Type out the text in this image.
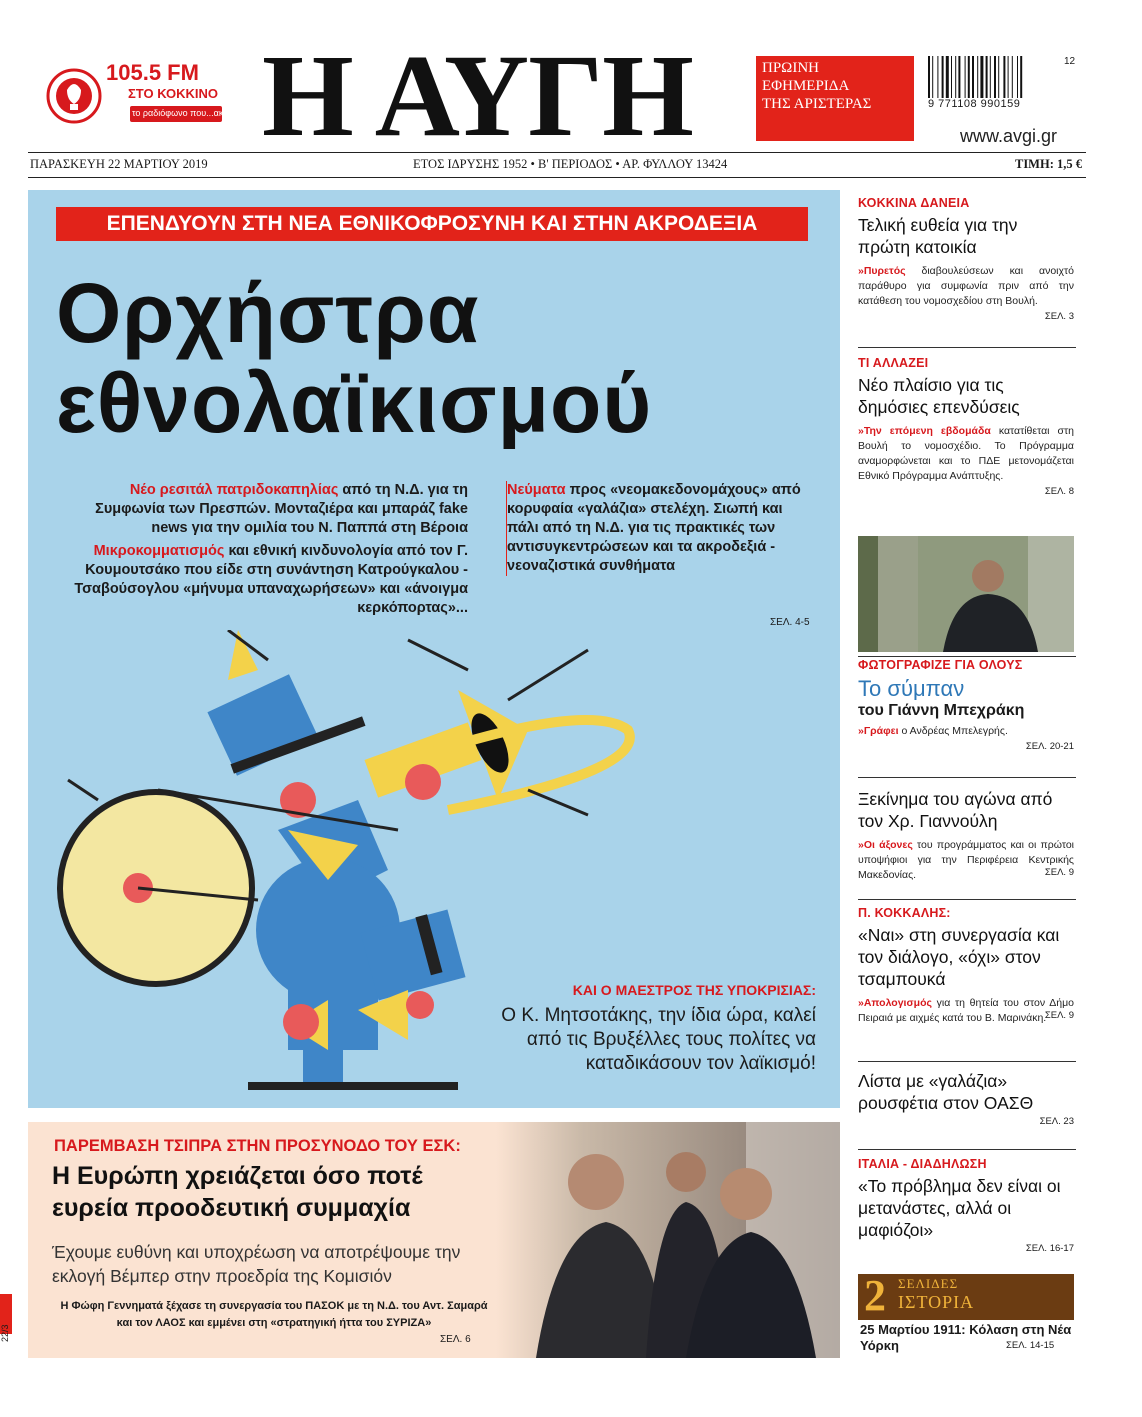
105.5 FM
ΣΤΟ ΚΟΚΚΙΝΟ
το ραδιόφωνο που...ακούει! Η ΑΥΓΗ	ΠΡΩΙΝΗ
ΕΦΗΜΕΡΙΔΑ
ΤΗΣ ΑΡΙΣΤΕΡΑΣ
12
9 771108 990159
www.avgi.gr
ΠΑΡΑΣΚΕΥΗ 22 ΜΑΡΤΙΟΥ 2019	ΕΤΟΣ ΙΔΡΥΣΗΣ 1952 • Β' ΠΕΡΙΟΔΟΣ • ΑΡ. ΦΥΛΛΟΥ 13424	ΤΙΜΗ: 1,5 €
ΕΠΕΝΔΥΟΥΝ ΣΤΗ ΝΕΑ ΕΘΝΙΚΟΦΡΟΣΥΝΗ ΚΑΙ ΣΤΗΝ ΑΚΡΟΔΕΞΙΑ
Ορχήστρα
εθνολαϊκισμού
Νέο ρεσιτάλ πατριδοκαπηλίας από τη Ν.Δ. για τη Συμφωνία των Πρεσπών. Μονταζιέρα και μπαράζ fake news για την ομιλία του Ν. Παππά στη Βέροια
Μικροκομματισμός και εθνική κινδυνολογία από τον Γ. Κουμουτσάκο που είδε στη συνάντηση Κατρούγκαλου - Τσαβούσογλου «μήνυμα υπαναχωρήσεων» και «άνοιγμα κερκόπορτας»...
Νεύματα προς «νεομακεδονομάχους» από κορυφαία «γαλάζια» στελέχη. Σιωπή και πάλι από τη Ν.Δ. για τις πρακτικές των αντισυγκεντρώσεων και τα ακροδεξιά - νεοναζιστικά συνθήματα
ΣΕΛ. 4-5
ΚΑΙ Ο ΜΑΕΣΤΡΟΣ ΤΗΣ ΥΠΟΚΡΙΣΙΑΣ:
Ο Κ. Μητσοτάκης, την ίδια ώρα, καλεί από τις Βρυξέλλες τους πολίτες να καταδικάσουν τον λαϊκισμό!
ΠΑΡΕΜΒΑΣΗ ΤΣΙΠΡΑ ΣΤΗΝ ΠΡΟΣΥΝΟΔΟ ΤΟΥ ΕΣΚ:
Η Ευρώπη χρειάζεται όσο ποτέ ευρεία προοδευτική συμμαχία
Έχουμε ευθύνη και υποχρέωση να αποτρέψουμε την εκλογή Βέμπερ στην προεδρία της Κομισιόν
Η Φώφη Γεννηματά ξέχασε τη συνεργασία του ΠΑΣΟΚ με τη Ν.Δ. του Αντ. Σαμαρά και τον ΛΑΟΣ και εμμένει στη «στρατηγική ήττα του ΣΥΡΙΖΑ»
ΣΕΛ. 6
ΚΟΚΚΙΝΑ ΔΑΝΕΙΑ
Τελική ευθεία για την πρώτη κατοικία
»Πυρετός διαβουλεύσεων και ανοιχτό παράθυρο για συμφωνία πριν από την κατάθεση του νομοσχεδίου στη Βουλή.
ΣΕΛ. 3
ΤΙ ΑΛΛΑΖΕΙ
Νέο πλαίσιο για τις δημόσιες επενδύσεις
»Την επόμενη εβδομάδα κατατίθεται στη Βουλή το νομοσχέδιο. Το Πρόγραμμα αναμορφώνεται και το ΠΔΕ μετονομάζεται Εθνικό Πρόγραμμα Ανάπτυξης.
ΣΕΛ. 8
ΦΩΤΟΓΡΑΦΙΖΕ ΓΙΑ ΟΛΟΥΣ
Το σύμπαν
του Γιάννη Μπεχράκη
»Γράφει ο Ανδρέας Μπελεγρής.
ΣΕΛ. 20-21
Ξεκίνημα του αγώνα από τον Χρ. Γιαννούλη
»Οι άξονες του προγράμματος και οι πρώτοι υποψήφιοι για την Περιφέρεια Κεντρικής Μακεδονίας.	ΣΕΛ. 9
Π. ΚΟΚΚΑΛΗΣ:
«Ναι» στη συνεργασία και τον διάλογο, «όχι» στον τσαμπουκά
»Απολογισμός για τη θητεία του στον Δήμο Πειραιά με αιχμές κατά του Β. Μαρινάκη.
ΣΕΛ. 9
Λίστα με «γαλάζια» ρουσφέτια στον ΟΑΣΘ
ΣΕΛ. 23
ΙΤΑΛΙΑ - ΔΙΑΔΗΛΩΣΗ
«Το πρόβλημα δεν είναι οι μετανάστες, αλλά οι μαφιόζοι»
ΣΕΛ. 16-17
2 ΣΕΛΙΔΕΣ
ΙΣΤΟΡΙΑ
25 Μαρτίου 1911: Κόλαση στη Νέα Υόρκη	ΣΕΛ. 14-15
22/3
